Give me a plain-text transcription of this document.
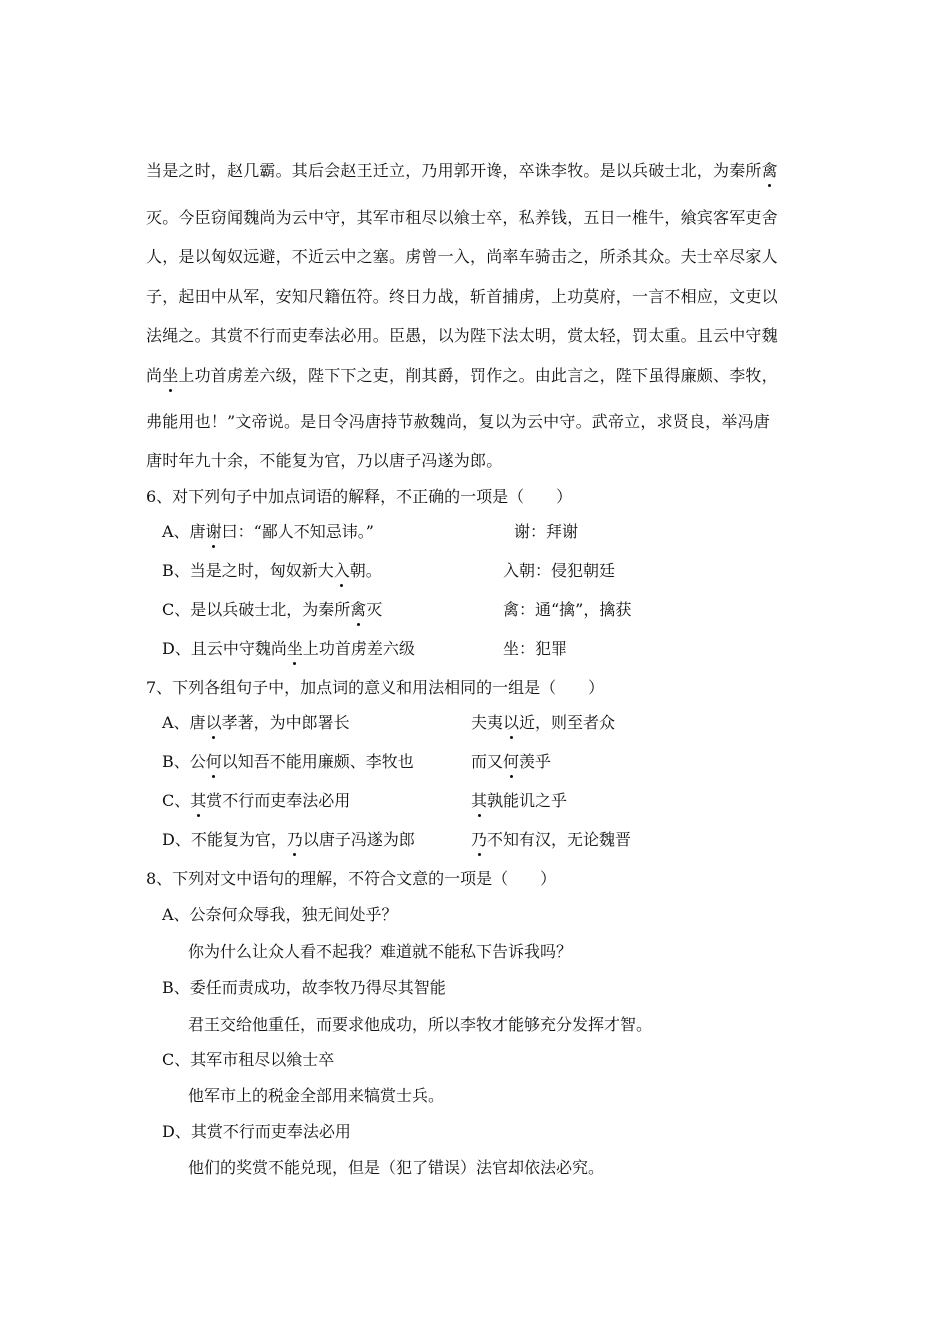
当是之时，赵几霸。其后会赵王迁立，乃用郭开谗，卒诛李牧。是以兵破士北，为秦所禽
灭。今臣窃闻魏尚为云中守，其军市租尽以飨士卒，私养钱，五日一椎牛，飨宾客军吏舍
人，是以匈奴远避，不近云中之塞。虏曾一入，尚率车骑击之，所杀其众。夫士卒尽家人
子，起田中从军，安知尺籍伍符。终日力战，斩首捕虏，上功莫府，一言不相应，文吏以
法绳之。其赏不行而吏奉法必用。臣愚，以为陛下法太明，赏太轻，罚太重。且云中守魏
尚坐上功首虏差六级，陛下下之吏，削其爵，罚作之。由此言之，陛下虽得廉颇、李牧，
弗能用也！”文帝说。是日令冯唐持节赦魏尚，复以为云中守。武帝立，求贤良，举冯唐
唐时年九十余，不能复为官，乃以唐子冯遂为郎。
6、对下列句子中加点词语的解释，不正确的一项是（　　）
A、唐谢曰：“鄙人不知忌讳。”	谢：拜谢
B、当是之时，匈奴新大入朝。	入朝：侵犯朝廷
C、是以兵破士北，为秦所禽灭	禽：通“擒”，擒获
D、且云中守魏尚坐上功首虏差六级	坐：犯罪
7、下列各组句子中，加点词的意义和用法相同的一组是（　　）
A、唐以孝著，为中郎署长	夫夷以近，则至者众
B、公何以知吾不能用廉颇、李牧也	而又何羡乎
C、其赏不行而吏奉法必用	其孰能讥之乎
D、不能复为官，乃以唐子冯遂为郎	乃不知有汉，无论魏晋
8、下列对文中语句的理解，不符合文意的一项是（　　）
A、公奈何众辱我，独无间处乎？
你为什么让众人看不起我？难道就不能私下告诉我吗？
B、委任而责成功，故李牧乃得尽其智能
君王交给他重任，而要求他成功，所以李牧才能够充分发挥才智。
C、其军市租尽以飨士卒
他军市上的税金全部用来犒赏士兵。
D、其赏不行而吏奉法必用
他们的奖赏不能兑现，但是（犯了错误）法官却依法必究。
